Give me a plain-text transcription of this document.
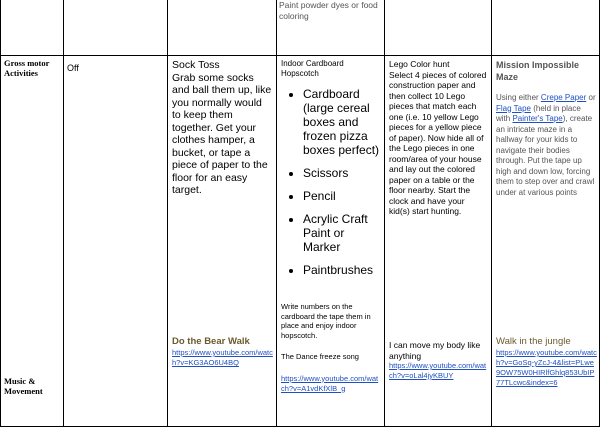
Paint powder dyes or food coloring
Gross motor Activities	Off	Sock Toss
Grab some socks and ball them up, like you normally would to keep them together. Get your clothes hamper, a bucket, or tape a piece of paper to the floor for an easy target.
Indoor Cardboard Hopscotch
• Cardboard (large cereal boxes and frozen pizza boxes perfect)
• Scissors
• Pencil
• Acrylic Craft Paint or Marker
• Paintbrushes
Write numbers on the cardboard the tape them in place and enjoy indoor hopscotch.
Lego Color hunt
Select 4 pieces of colored construction paper and then collect 10 Lego pieces that match each one (i.e. 10 yellow Lego pieces for a yellow piece of paper). Now hide all of the Lego pieces in one room/area of your house and lay out the colored paper on a table or the floor nearby. Start the clock and have your kid(s) start hunting.
Mission Impossible Maze
Using either Crepe Paper or Flag Tape (held in place with Painter's Tape), create an intricate maze in a hallway for your kids to navigate their bodies through. Put the tape up high and down low, forcing them to step over and crawl under at various points
Music & Movement
Do the Bear Walk
https://www.youtube.com/watch?v=KG3AO6U4BQ
The Dance freeze song
https://www.youtube.com/watch?v=A1vdKfXlB_g
I can move my body like anything
https://www.youtube.com/watch?v=oLal4jyKBUY
Walk in the jungle
https://www.youtube.com/watch?v=GoSq-yZcJ-4&list=PLwe9OW75W0HIRlfGhlq853UbIP77TLcwc&index=6
